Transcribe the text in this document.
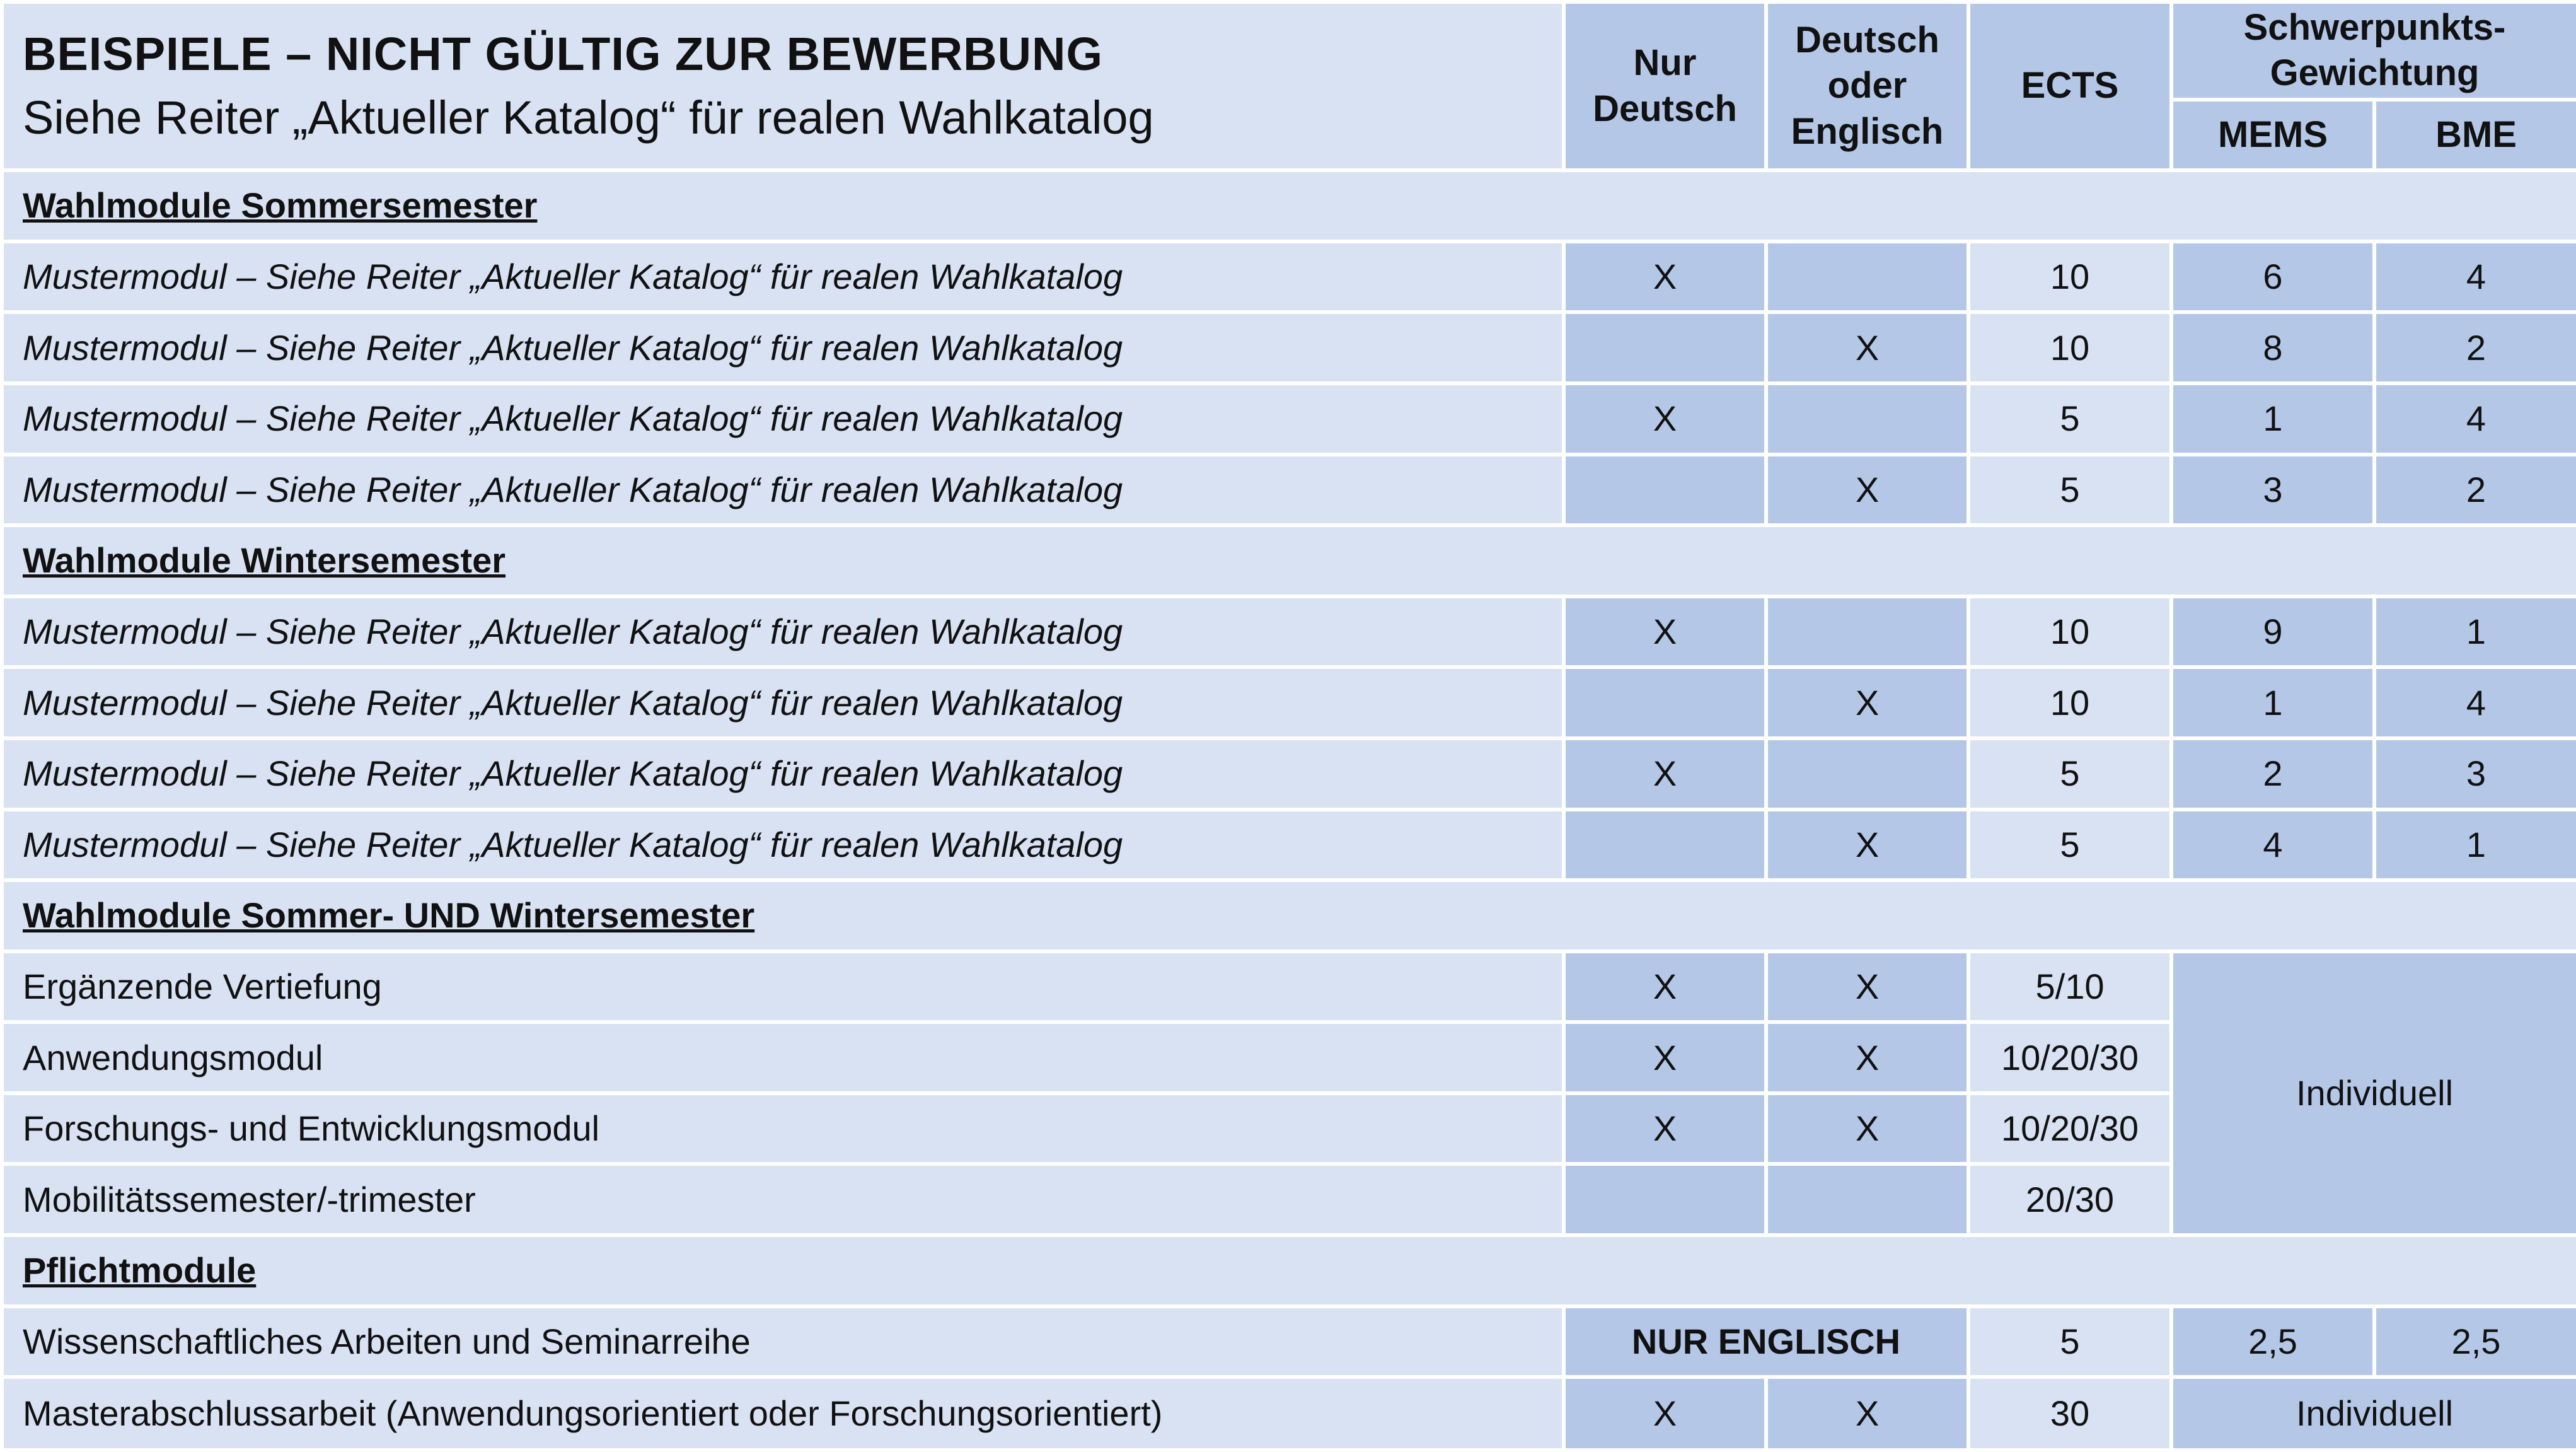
BEISPIELE – NICHT GÜLTIG ZUR BEWERBUNG
Siehe Reiter „Aktueller Katalog“ für realen Wahlkatalog	Nur Deutsch	Deutsch oder Englisch	ECTS	Schwerpunkts-Gewichtung	
				MEMS	BME
Wahlmodule Sommersemester					
Mustermodul – Siehe Reiter „Aktueller Katalog“ für realen Wahlkatalog	X		10	6	4
Mustermodul – Siehe Reiter „Aktueller Katalog“ für realen Wahlkatalog		X	10	8	2
Mustermodul – Siehe Reiter „Aktueller Katalog“ für realen Wahlkatalog	X		5	1	4
Mustermodul – Siehe Reiter „Aktueller Katalog“ für realen Wahlkatalog		X	5	3	2
Wahlmodule Wintersemester					
Mustermodul – Siehe Reiter „Aktueller Katalog“ für realen Wahlkatalog	X		10	9	1
Mustermodul – Siehe Reiter „Aktueller Katalog“ für realen Wahlkatalog		X	10	1	4
Mustermodul – Siehe Reiter „Aktueller Katalog“ für realen Wahlkatalog	X		5	2	3
Mustermodul – Siehe Reiter „Aktueller Katalog“ für realen Wahlkatalog		X	5	4	1
Wahlmodule Sommer- UND Wintersemester					
Ergänzende Vertiefung	X	X	5/10	Individuell	
Anwendungsmodul	X	X	10/20/30		
Forschungs- und Entwicklungsmodul	X	X	10/20/30		
Mobilitätssemester/-trimester			20/30		
Pflichtmodule					
Wissenschaftliches Arbeiten und Seminarreihe	NUR ENGLISCH		5	2,5	2,5
Masterabschlussarbeit (Anwendungsorientiert oder Forschungsorientiert)	X	X	30	Individuell	
